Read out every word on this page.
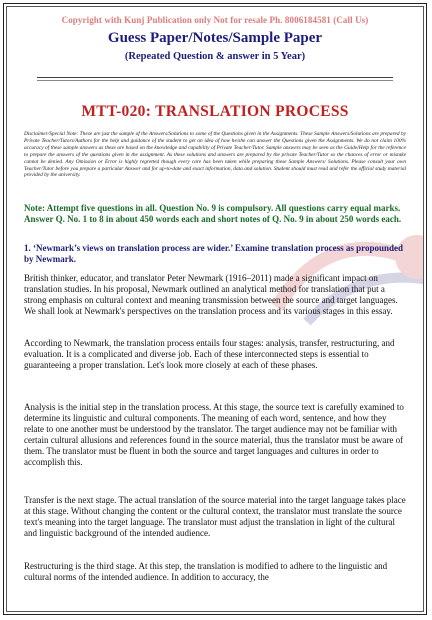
Copyright with Kunj Publication only Not for resale Ph. 8006184581 (Call Us)
Guess Paper/Notes/Sample Paper
(Repeated Question & answer in 5 Year)
MTT-020: TRANSLATION PROCESS
Disclaimer/Special Note: These are just the sample of the Answers/Solutions to some of the Questions given in the Assignments. These Sample Answers/Solutions are prepared by Private Teacher/Tutors/Authors for the help and guidance of the student to get an idea of how he/she can answer the Questions given the Assignments. We do not claim 100% accuracy of these sample answers as these are based on the knowledge and capability of Private Teacher/Tutor. Sample answers may be seen as the Guide/Help for the reference to prepare the answers of the questions given in the assignment. As these solutions and answers are prepared by the private Teacher/Tutor so the chances of error or mistake cannot be denied. Any Omission or Error is highly regretted though every care has been taken while preparing these Sample Answers/ Solutions. Please consult your own Teacher/Tutor before you prepare a particular Answer and for up-to-date and exact information, data and solution. Student should must read and refer the official study material provided by the university.
Note: Attempt five questions in all. Question No. 9 is compulsory. All questions carry equal marks. Answer Q. No. 1 to 8 in about 450 words each and short notes of Q. No. 9 in about 250 words each.
1. ‘Newmark’s views on translation process are wider.’ Examine translation process as propounded by Newmark.
British thinker, educator, and translator Peter Newmark (1916–2011) made a significant impact on translation studies. In his proposal, Newmark outlined an analytical method for translation that put a strong emphasis on cultural context and meaning transmission between the source and target languages. We shall look at Newmark's perspectives on the translation process and its various stages in this essay.
According to Newmark, the translation process entails four stages: analysis, transfer, restructuring, and evaluation. It is a complicated and diverse job. Each of these interconnected steps is essential to guaranteeing a proper translation. Let's look more closely at each of these phases.
Analysis is the initial step in the translation process. At this stage, the source text is carefully examined to determine its linguistic and cultural components. The meaning of each word, sentence, and how they relate to one another must be understood by the translator. The target audience may not be familiar with certain cultural allusions and references found in the source material, thus the translator must be aware of them. The translator must be fluent in both the source and target languages and cultures in order to accomplish this.
Transfer is the next stage. The actual translation of the source material into the target language takes place at this stage. Without changing the content or the cultural context, the translator must translate the source text's meaning into the target language. The translator must adjust the translation in light of the cultural and linguistic background of the intended audience.
Restructuring is the third stage. At this step, the translation is modified to adhere to the linguistic and cultural norms of the intended audience. In addition to accuracy, the
